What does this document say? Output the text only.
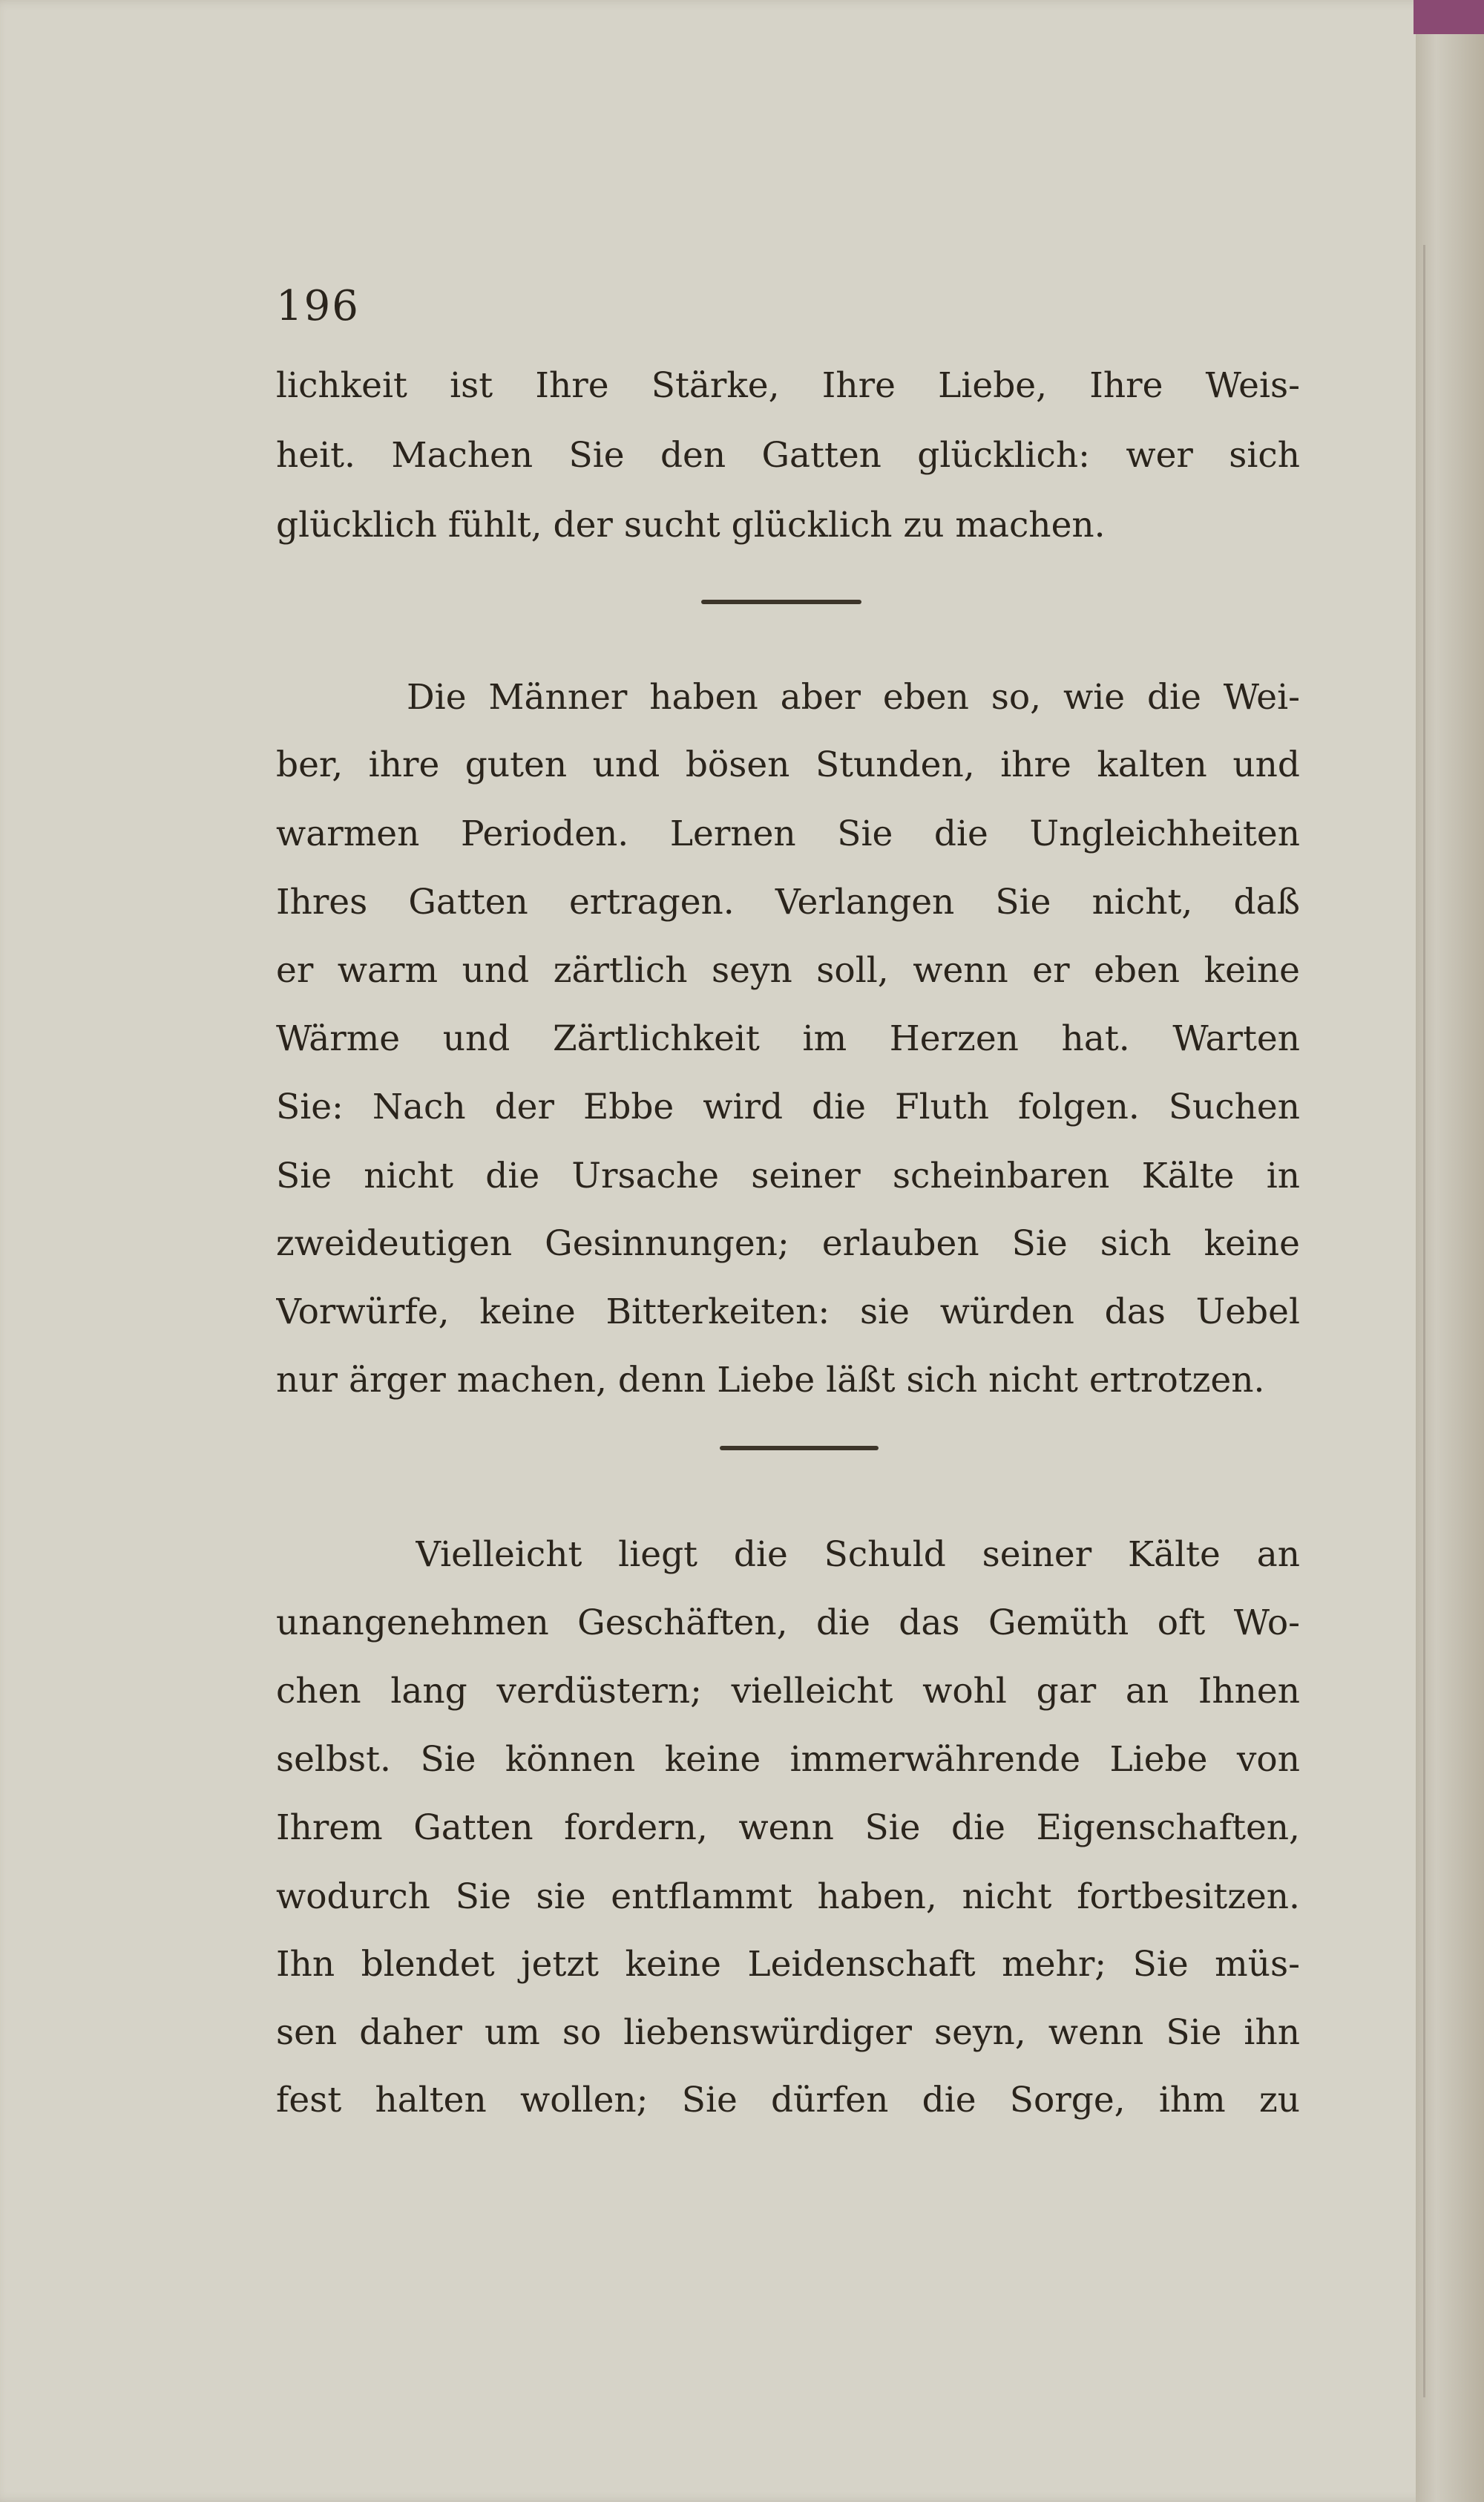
196
lichkeit ist Ihre Stärke, Ihre Liebe, Ihre Weis-
heit. Machen Sie den Gatten glücklich: wer sich
glücklich fühlt, der sucht glücklich zu machen.
Die Männer haben aber eben so, wie die Wei-
ber, ihre guten und bösen Stunden, ihre kalten und
warmen Perioden. Lernen Sie die Ungleichheiten
Ihres Gatten ertragen. Verlangen Sie nicht, daß
er warm und zärtlich seyn soll, wenn er eben keine
Wärme und Zärtlichkeit im Herzen hat. Warten
Sie: Nach der Ebbe wird die Fluth folgen. Suchen
Sie nicht die Ursache seiner scheinbaren Kälte in
zweideutigen Gesinnungen; erlauben Sie sich keine
Vorwürfe, keine Bitterkeiten: sie würden das Uebel
nur ärger machen, denn Liebe läßt sich nicht ertrotzen.
Vielleicht liegt die Schuld seiner Kälte an
unangenehmen Geschäften, die das Gemüth oft Wo-
chen lang verdüstern; vielleicht wohl gar an Ihnen
selbst. Sie können keine immerwährende Liebe von
Ihrem Gatten fordern, wenn Sie die Eigenschaften,
wodurch Sie sie entflammt haben, nicht fortbesitzen.
Ihn blendet jetzt keine Leidenschaft mehr; Sie müs-
sen daher um so liebenswürdiger seyn, wenn Sie ihn
fest halten wollen; Sie dürfen die Sorge, ihm zu
